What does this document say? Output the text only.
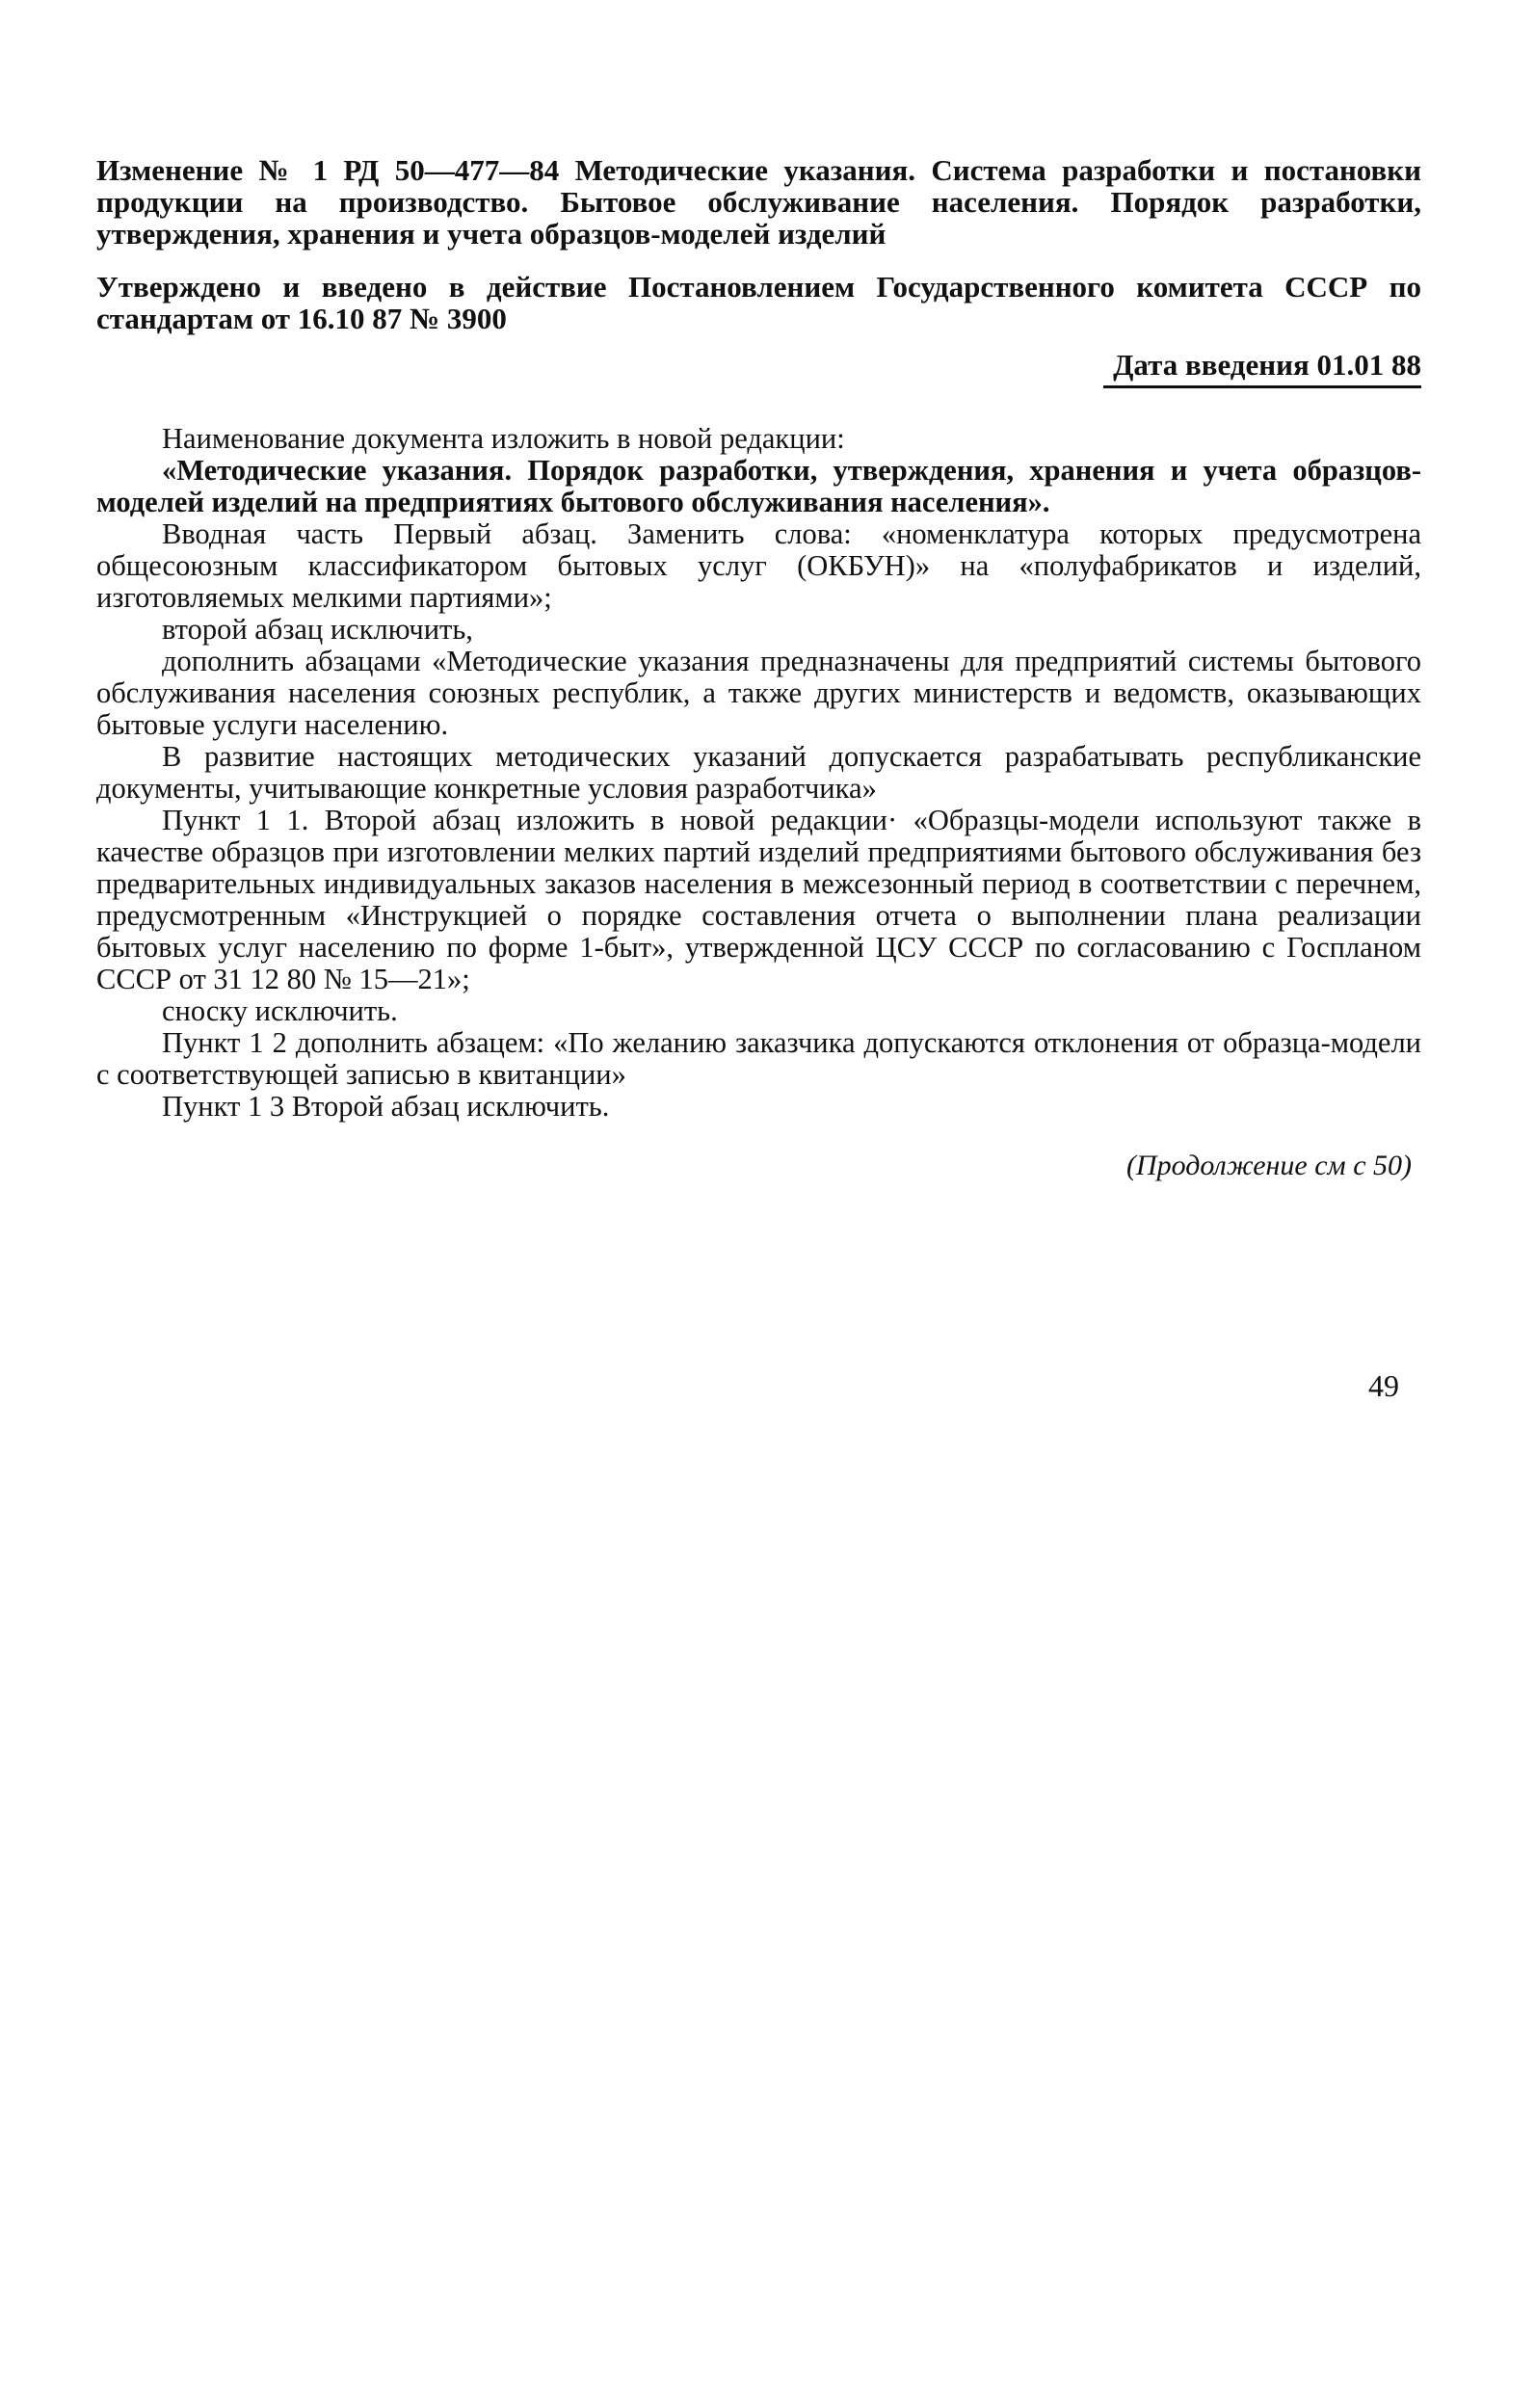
Изменение № 1 РД 50—477—84 Методические указания. Система разработки и постановки продукции на производство. Бытовое обслуживание населения. Порядок разработки, утверждения, хранения и учета образцов-моделей изделий

Утверждено и введено в действие Постановлением Государственного комитета СССР по стандартам от 16.10 87 № 3900

Дата введения 01.01 88

Наименование документа изложить в новой редакции:

«Методические указания. Порядок разработки, утверждения, хранения и учета образцов-моделей изделий на предприятиях бытового обслуживания населения».

Вводная часть Первый абзац. Заменить слова: «номенклатура которых предусмотрена общесоюзным классификатором бытовых услуг (ОКБУН)» на «полуфабрикатов и изделий, изготовляемых мелкими партиями»;

второй абзац исключить,

дополнить абзацами «Методические указания предназначены для предприятий системы бытового обслуживания населения союзных республик, а также других министерств и ведомств, оказывающих бытовые услуги населению.

В развитие настоящих методических указаний допускается разрабатывать республиканские документы, учитывающие конкретные условия разработчика»

Пункт 1 1. Второй абзац изложить в новой редакции· «Образцы-модели используют также в качестве образцов при изготовлении мелких партий изделий предприятиями бытового обслуживания без предварительных индивидуальных заказов населения в межсезонный период в соответствии с перечнем, предусмотренным «Инструкцией о порядке составления отчета о выполнении плана реализации бытовых услуг населению по форме 1-быт», утвержденной ЦСУ СССР по согласованию с Госпланом СССР от 31 12 80 № 15—21»;

сноску исключить.

Пункт 1 2 дополнить абзацем: «По желанию заказчика допускаются отклонения от образца-модели с соответствующей записью в квитанции»

Пункт 1 3 Второй абзац исключить.

(Продолжение см с 50)
49
